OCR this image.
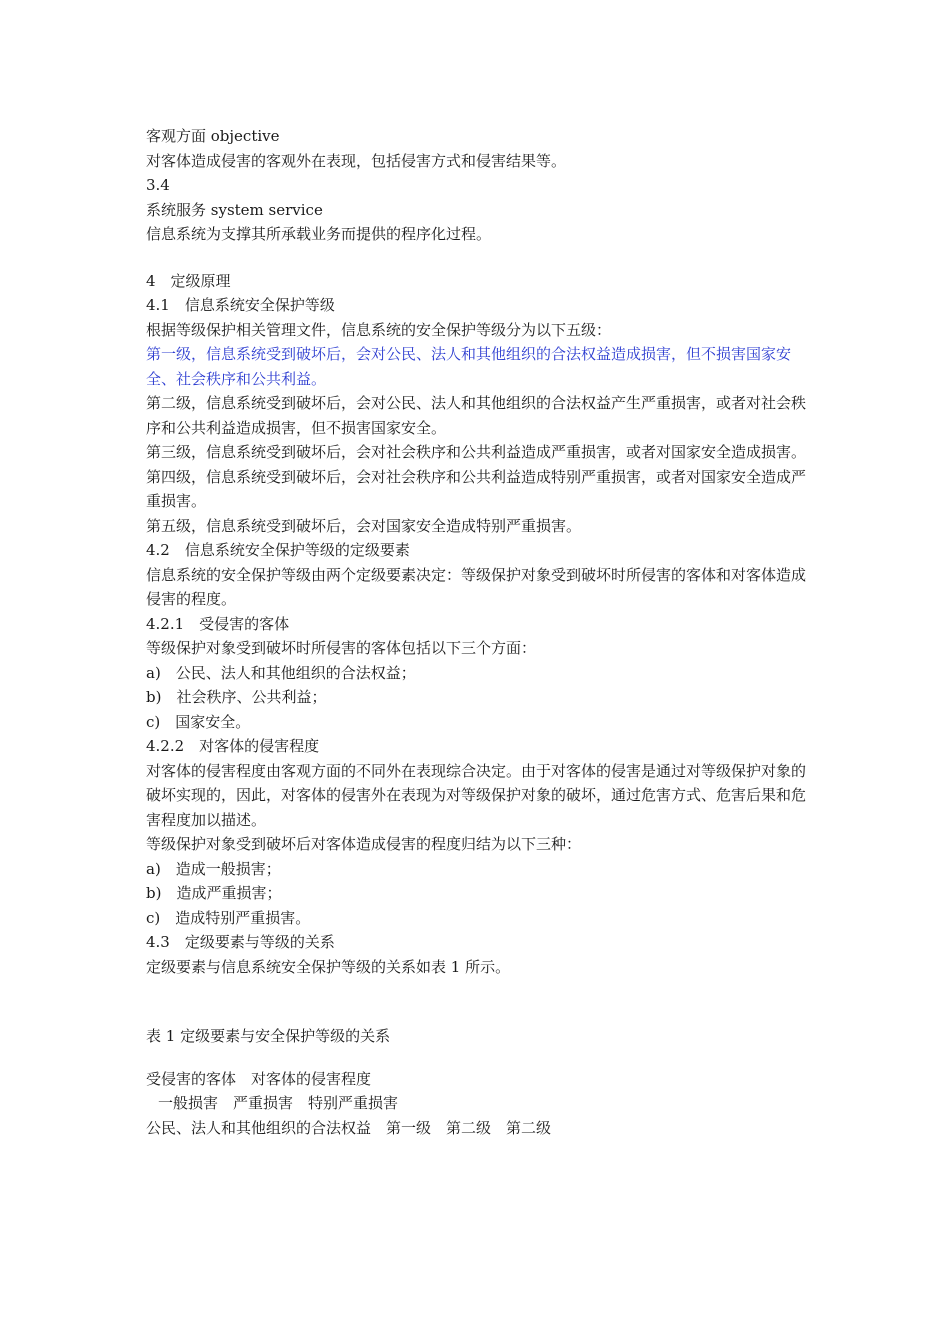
客观方面 objective
对客体造成侵害的客观外在表现，包括侵害方式和侵害结果等。
3.4
系统服务 system service
信息系统为支撑其所承载业务而提供的程序化过程。
4　定级原理
4.1　信息系统安全保护等级
根据等级保护相关管理文件，信息系统的安全保护等级分为以下五级：
第一级，信息系统受到破坏后，会对公民、法人和其他组织的合法权益造成损害，但不损害国家安全、社会秩序和公共利益。
第二级，信息系统受到破坏后，会对公民、法人和其他组织的合法权益产生严重损害，或者对社会秩序和公共利益造成损害，但不损害国家安全。
第三级，信息系统受到破坏后，会对社会秩序和公共利益造成严重损害，或者对国家安全造成损害。
第四级，信息系统受到破坏后，会对社会秩序和公共利益造成特别严重损害，或者对国家安全造成严重损害。
第五级，信息系统受到破坏后，会对国家安全造成特别严重损害。
4.2　信息系统安全保护等级的定级要素
信息系统的安全保护等级由两个定级要素决定：等级保护对象受到破坏时所侵害的客体和对客体造成侵害的程度。
4.2.1　受侵害的客体
等级保护对象受到破坏时所侵害的客体包括以下三个方面：
a)　公民、法人和其他组织的合法权益；
b)　社会秩序、公共利益；
c)　国家安全。
4.2.2　对客体的侵害程度
对客体的侵害程度由客观方面的不同外在表现综合决定。由于对客体的侵害是通过对等级保护对象的破坏实现的，因此，对客体的侵害外在表现为对等级保护对象的破坏，通过危害方式、危害后果和危害程度加以描述。
等级保护对象受到破坏后对客体造成侵害的程度归结为以下三种：
a)　造成一般损害；
b)　造成严重损害；
c)　造成特别严重损害。
4.3　定级要素与等级的关系
定级要素与信息系统安全保护等级的关系如表 1 所示。
表 1 定级要素与安全保护等级的关系
受侵害的客体　对客体的侵害程度
一般损害　严重损害　特别严重损害
公民、法人和其他组织的合法权益　第一级　第二级　第二级
